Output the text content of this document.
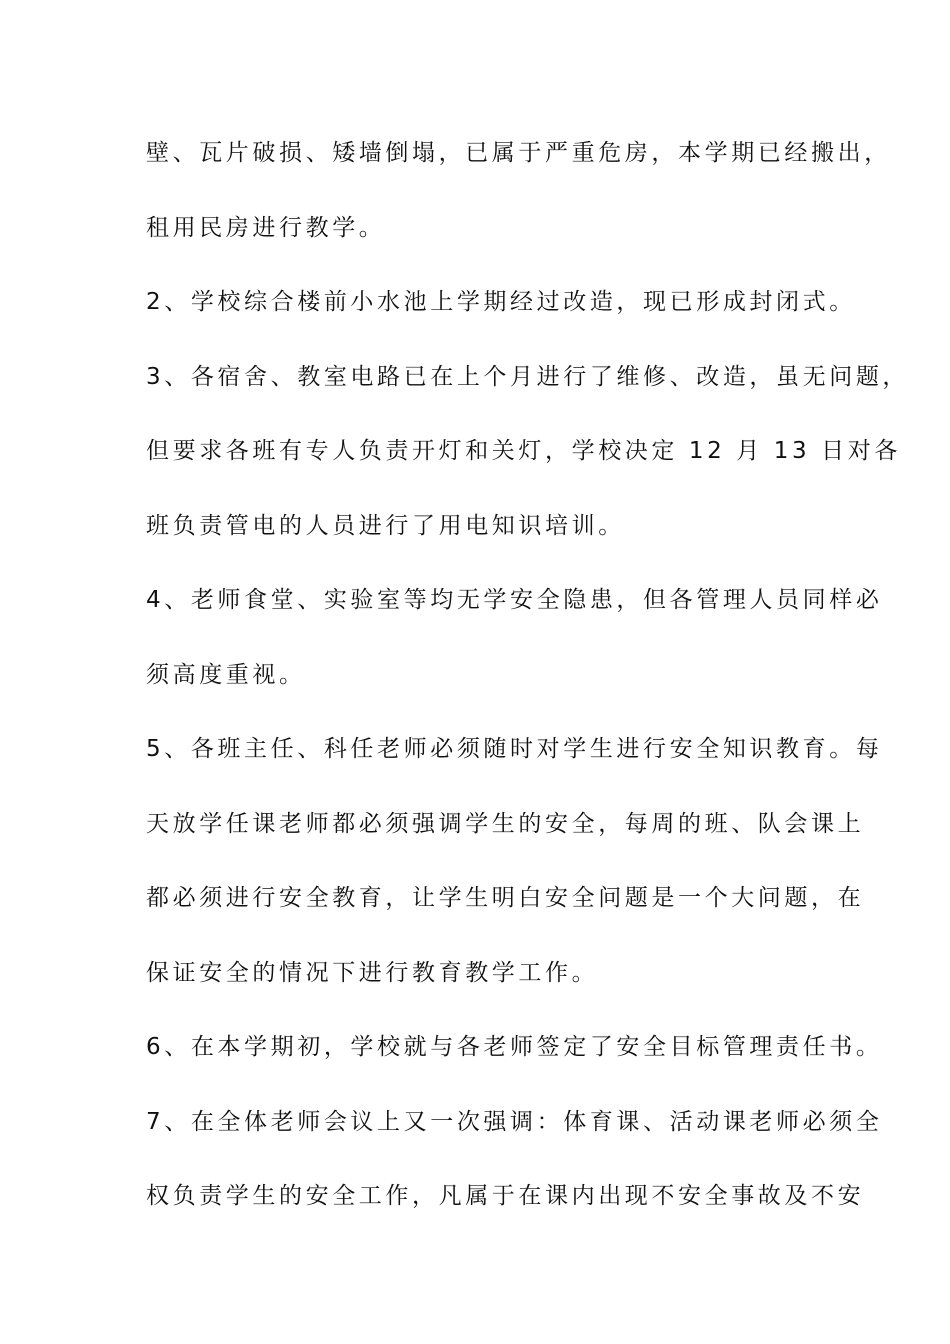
壁、瓦片破损、矮墙倒塌，已属于严重危房，本学期已经搬出，
租用民房进行教学。
2、学校综合楼前小水池上学期经过改造，现已形成封闭式。
3、各宿舍、教室电路已在上个月进行了维修、改造，虽无问题，
但要求各班有专人负责开灯和关灯，学校决定 12 月 13 日对各
班负责管电的人员进行了用电知识培训。
4、老师食堂、实验室等均无学安全隐患，但各管理人员同样必
须高度重视。
5、各班主任、科任老师必须随时对学生进行安全知识教育。每
天放学任课老师都必须强调学生的安全，每周的班、队会课上
都必须进行安全教育，让学生明白安全问题是一个大问题，在
保证安全的情况下进行教育教学工作。
6、在本学期初，学校就与各老师签定了安全目标管理责任书。
7、在全体老师会议上又一次强调：体育课、活动课老师必须全
权负责学生的安全工作，凡属于在课内出现不安全事故及不安
